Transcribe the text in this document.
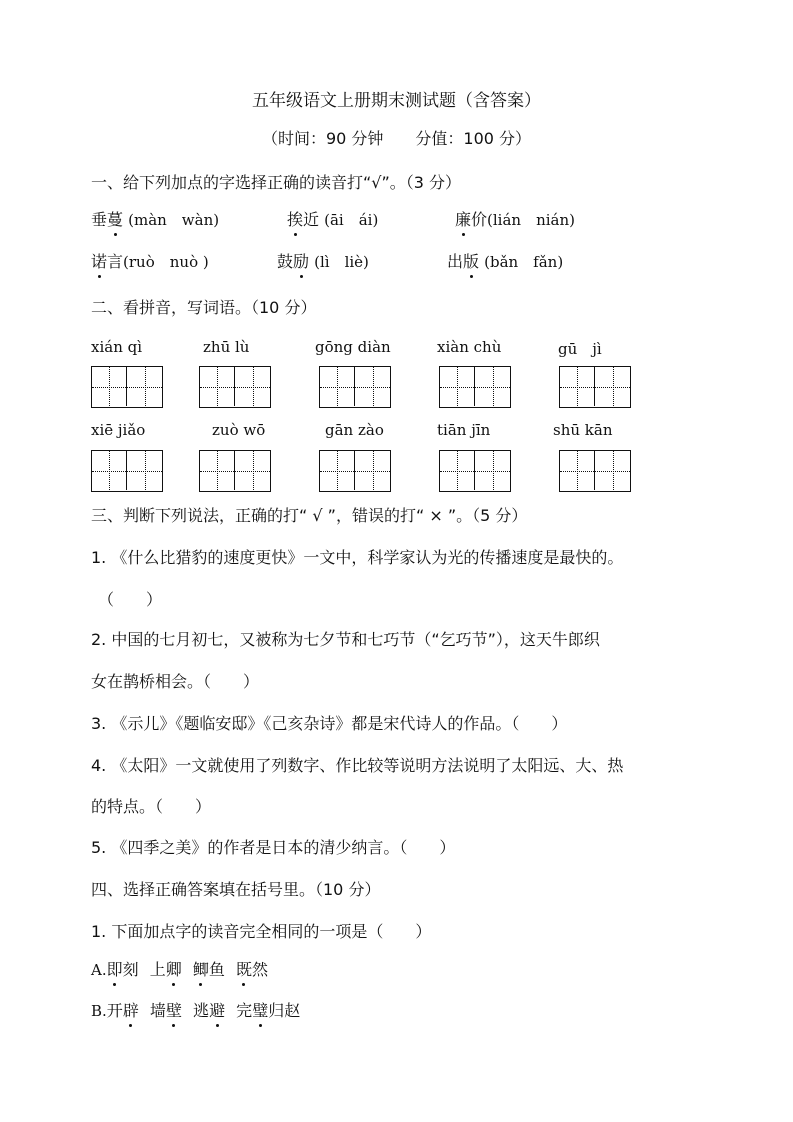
五年级语文上册期末测试题（含答案）
（时间：90 分钟　　分值：100 分）
一、给下列加点的字选择正确的读音打“√”。（3 分）
垂蔓 (màn　wàn)	挨近 (āi　ái)	廉价(lián　nián)
诺言(ruò　nuò )	鼓励 (lì　liè)	出版 (bǎn　fǎn)
二、看拼音，写词语。（10 分）
xián qì	zhū lù	gōng diàn	xiàn chù	gū　jì
xiē jiǎo	zuò wō	gān zào	tiān jīn	shū kān
三、判断下列说法，正确的打“ √ ”，错误的打“ × ”。（5 分）
1. 《什么比猎豹的速度更快》一文中，科学家认为光的传播速度是最快的。
（　　）
2. 中国的七月初七，又被称为七夕节和七巧节（“乞巧节”），这天牛郎织
女在鹊桥相会。（　　）
3. 《示儿》《题临安邸》《己亥杂诗》都是宋代诗人的作品。（　　）
4. 《太阳》一文就使用了列数字、作比较等说明方法说明了太阳远、大、热
的特点。（　　）
5. 《四季之美》的作者是日本的清少纳言。（　　）
四、选择正确答案填在括号里。（10 分）
1. 下面加点字的读音完全相同的一项是（　　）
A.即刻 上卿 鲫鱼 既然
B.开辟 墙壁 逃避 完璧归赵
